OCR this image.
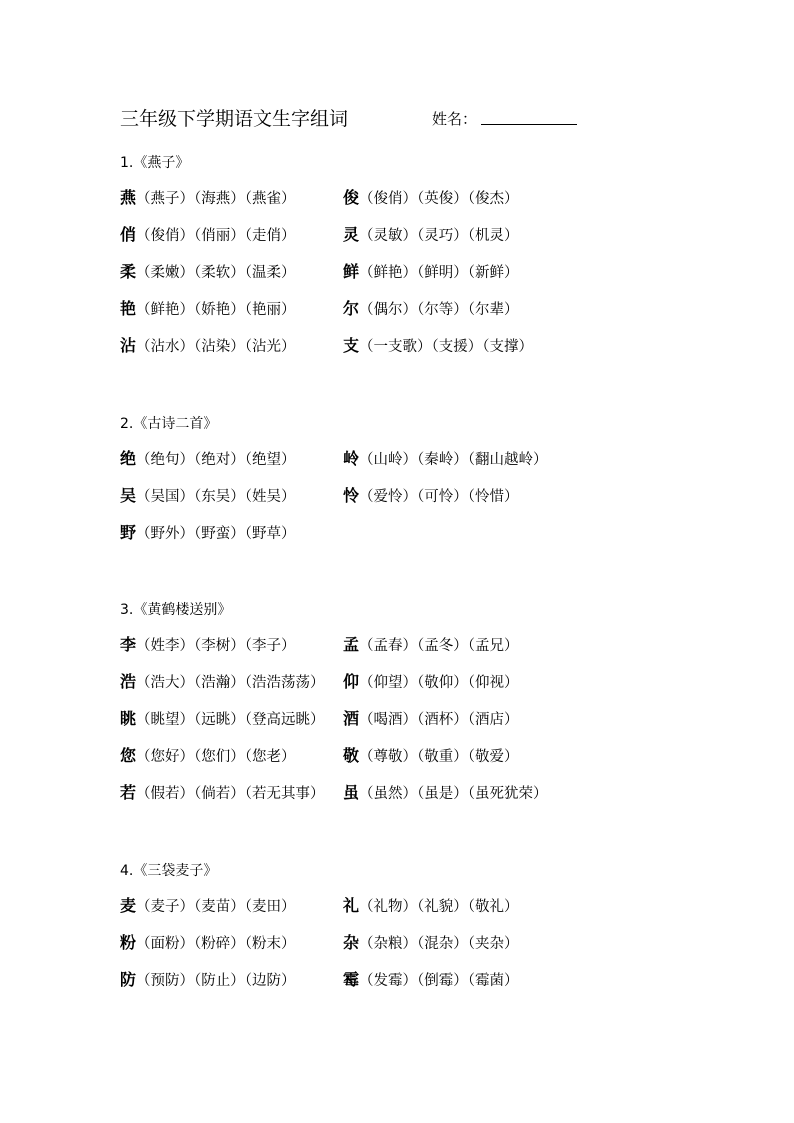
三年级下学期语文生字组词	姓名：
1.《燕子》
燕（燕子）（海燕）（燕雀）	俊（俊俏）（英俊）（俊杰）
俏（俊俏）（俏丽）（走俏）	灵（灵敏）（灵巧）（机灵）
柔（柔嫩）（柔软）（温柔）	鲜（鲜艳）（鲜明）（新鲜）
艳（鲜艳）（娇艳）（艳丽）	尔（偶尔）（尔等）（尔辈）
沾（沾水）（沾染）（沾光）	支（一支歌）（支援）（支撑）
2.《古诗二首》
绝（绝句）（绝对）（绝望）	岭（山岭）（秦岭）（翻山越岭）
吴（吴国）（东吴）（姓吴）	怜（爱怜）（可怜）（怜惜）
野（野外）（野蛮）（野草）
3.《黄鹤楼送别》
李（姓李）（李树）（李子）	孟（孟春）（孟冬）（孟兄）
浩（浩大）（浩瀚）（浩浩荡荡）	仰（仰望）（敬仰）（仰视）
眺（眺望）（远眺）（登高远眺）	酒（喝酒）（酒杯）（酒店）
您（您好）（您们）（您老）	敬（尊敬）（敬重）（敬爱）
若（假若）（倘若）（若无其事）	虽（虽然）（虽是）（虽死犹荣）
4.《三袋麦子》
麦（麦子）（麦苗）（麦田）	礼（礼物）（礼貌）（敬礼）
粉（面粉）（粉碎）（粉末）	杂（杂粮）（混杂）（夹杂）
防（预防）（防止）（边防）	霉（发霉）（倒霉）（霉菌）
